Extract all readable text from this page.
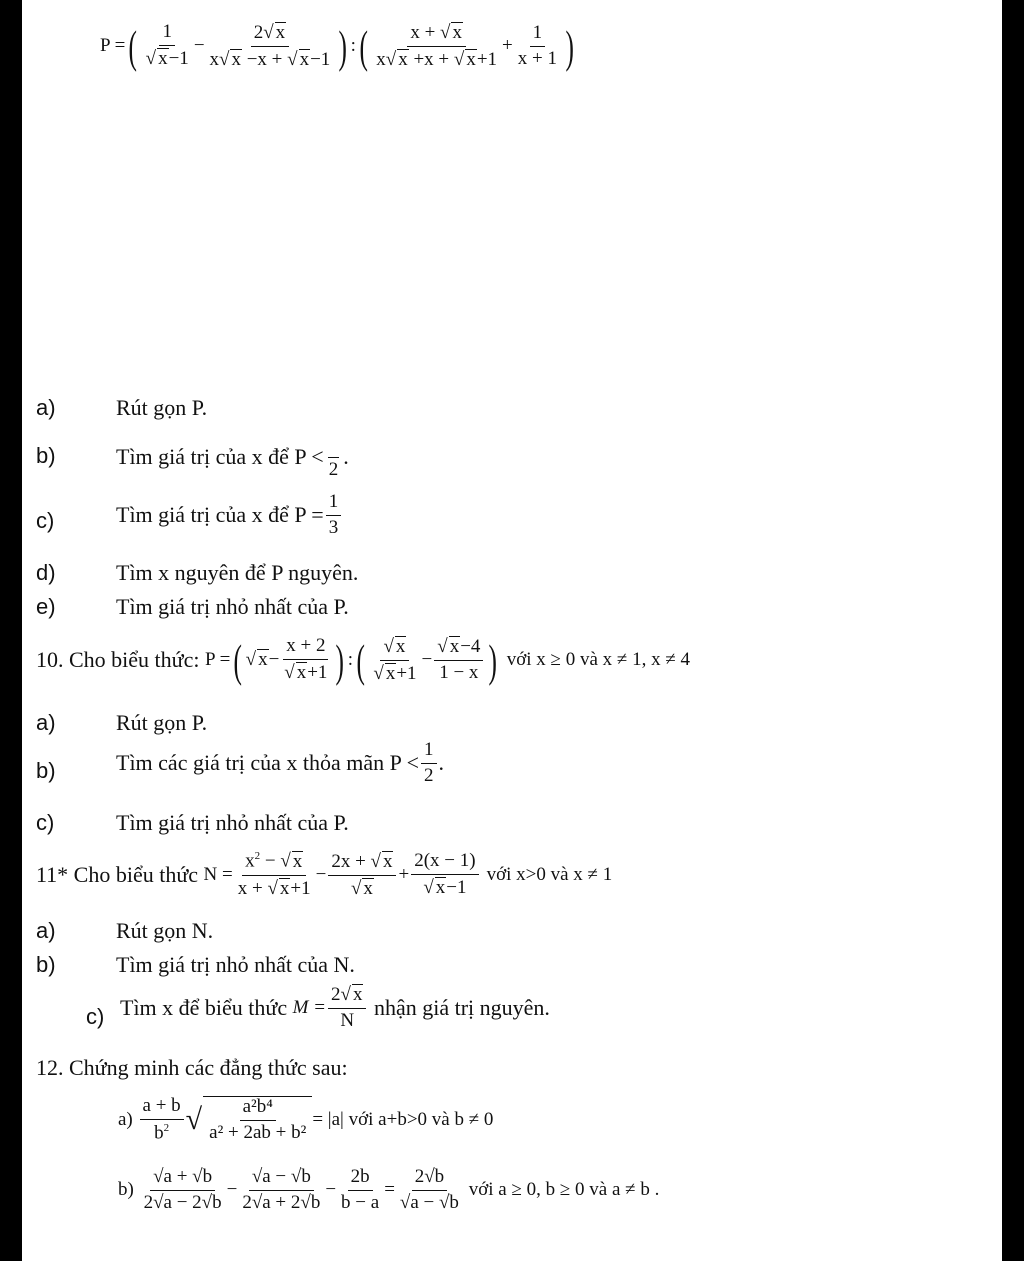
P = ( $\frac{1}{√ x-1} - \frac{2√ x}{x√ x -x + √ x-1}$ ) : ( $\frac{x + √ x}{x√ x +x + √ x+1} + \frac{1}{x + 1}$ )
a)	Rút gọn P.
b)	Tìm giá trị của x để P <
2 .
c)	Tìm giá trị của x để $P = \frac{1}{3}$
d)	Tìm x nguyên để P nguyên.
e)	Tìm giá trị nhỏ nhất của P.
10. Cho biểu thức:
P = ( √ $x - \frac{x + 2}{√ x+1}$ ) : ( $\frac{√ x}{√ x+1} - \frac{√ x-4}{1 - x}$ ) với x ≥ 0 và x ≠ 1, x ≠ 4
a)	Rút gọn P.
b)	Tìm các giá trị của x thỏa mãn $P < \frac{1}{2}$ .
c)	Tìm giá trị nhỏ nhất của P.
11* Cho biểu thức
$N = \frac{x^2 - √ x}{x + √ x+1} - \frac{2x + √ x}{√ x} + \frac{2(x - 1)}{√ x-1}$ với x>0 và x ≠ 1
a)	Rút gọn N.
b)	Tìm giá trị nhỏ nhất của N.
c) Tìm x để biểu thức
$M = \frac{2√ x}{N}$
nhận giá trị nguyên.
12. Chứng minh các đẳng thức sau:
a)
$\frac{a + b}{b^2}$ √ $\frac{\text{a²b⁴}}{\text{a² + 2ab + b²}} = |a|$
với a+b>0 và b ≠ 0
b)
$\frac{√a + √b}{2√a - 2√b} - \frac{√a - √b}{2√a + 2√b} - \frac{2b}{b - a} = \frac{2√b}{√a - √b}$
với a ≥ 0, b ≥ 0 và a ≠ b .
